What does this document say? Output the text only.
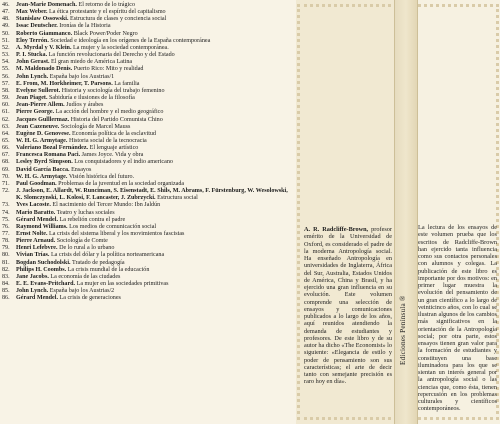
46.	Jean-Marie Domenach. El retorno de lo trágico
47.	Max Weber. La ética protestante y el espíritu del capitalismo
48.	Stanislaw Ossowski. Estructura de clases y conciencia social
49.	Issac Deutscher. Ironías de la Historia
50.	Roberto Giammanco. Black Power/Poder Negro
51.	Eloy Terrón. Sociedad e ideología en los orígenes de la España contemporánea
52.	A. Myrdal y V. Klein. La mujer y la sociedad contemporánea.
53.	P. I. Stucka. La función revolucionaria del Derecho y del Estado
54.	John Gerast. El gran miedo de América Latina
55.	M. Maldonado Denis. Puerto Rico: Mito y realidad
56.	John Lynch. España bajo los Austrias/1
57.	E. From, M. Horkheimer, T. Parsons. La familia
58.	Evelyne Sullerot. Historia y sociología del trabajo femenino
59.	Jean Piaget. Sabiduría e ilusiones de la filosofía
60.	Jean-Pierre Allem. Judíos y árabes
61.	Pierre George. La acción del hombre y el medio geográfico
62.	Jacques Gulllermaz. Historia del Partido Comunista Chino
63.	Jean Cazeneuve. Sociología de Marcel Mauss
64.	Eugène D. Genovese. Economía política de la esclavitud
65.	W. H. G. Armytage. Historia social de la tecnocracia
66.	Valeriano Bozal Fernández. El lenguaje artístico
67.	Francesca Romana Paci. James Joyce. Vida y obra
68.	Lesley Byrd Simpson. Los conquistadores y el indio americano
69.	David García Bacca. Ensayos
70.	W. H. G. Armytage. Visión histórica del futuro.
71.	Paul Goodman. Problemas de la juventud en la sociedad organizada
72.	J. Jackson, E. Allardt, W. Runciman, S. Eisenstadt, E. Shils, M. Abrams, F. Fürstenburg, W. Wesolowski, K. Slomczynski, L. Kolosi, F. Lancaster, J. Zubrzycki. Estructura social
73.	Yves Lacoste. El nacimiento del Tercer Mundo: Ibn Jaldún
74.	Mario Baratto. Teatro y luchas sociales
75.	Gérard Mendel. La rebelión contra el padre
76.	Raymond Williams. Los medios de comunicación social
77.	Ernst Nolte. La crisis del sistema liberal y los movimientos fascistas
78.	Pierre Arnaud. Sociología de Comte
79.	Henri Lefebvre. De lo rural a lo urbano
80.	Vivian Trías. La crisis del dólar y la política norteamericana
81.	Bogdan Suchodolski. Tratado de pedagogía
82.	Philips H. Coombs. La crisis mundial de la educación
83.	Jane Jacobs. La economía de las ciudades
84.	E. E. Evans-Pritchard. La mujer en las sociedades primitivas
85.	John Lynch. España bajo los Austrias/2
86.	Gérard Mendel. La crisis de generaciones	Ediciones Península ®
A. R. Radcliffe-Brown, profesor emérito de la Universidad de Oxford, es considerado el padre de la moderna Antropología social. Ha enseñado Antropología en universidades de Inglaterra, África del Sur, Australia, Estados Unidos de América, China y Brasil, y ha ejercido una gran influencia en su evolución. Este volumen comprende una selección de ensayos y comunicaciones publicados a lo largo de los años, aquí reunidos atendiendo la demanda de estudiantes y profesores. De este libro y de su autor ha dicho «The Economist» lo siguiente: «Elegancia de estilo y poder de pensamiento son sus características; el arte de decir tanto con semejante precisión es raro hoy en día».
La lectura de los ensayos de este volumen prueba que los escritos de Radcliffe-Brown han ejercido tanta influencia como sus contactos personales con alumnos y colegas. La publicación de este libro es importante por dos motivos: en primer lugar muestra la evolución del pensamiento de un gran científico a lo largo de veinticinco años, con lo cual se ilustran algunos de los cambios más significativos en la orientación de la Antropología social; por otra parte, estos ensayos tienen gran valor para la formación de estudiantes y constituyen una base iluminadora para los que se sientan un interés general por la antropología social o las ciencias que, como ésta, tienen repercusión en los problemas culturales y científicos contemporáneos.
